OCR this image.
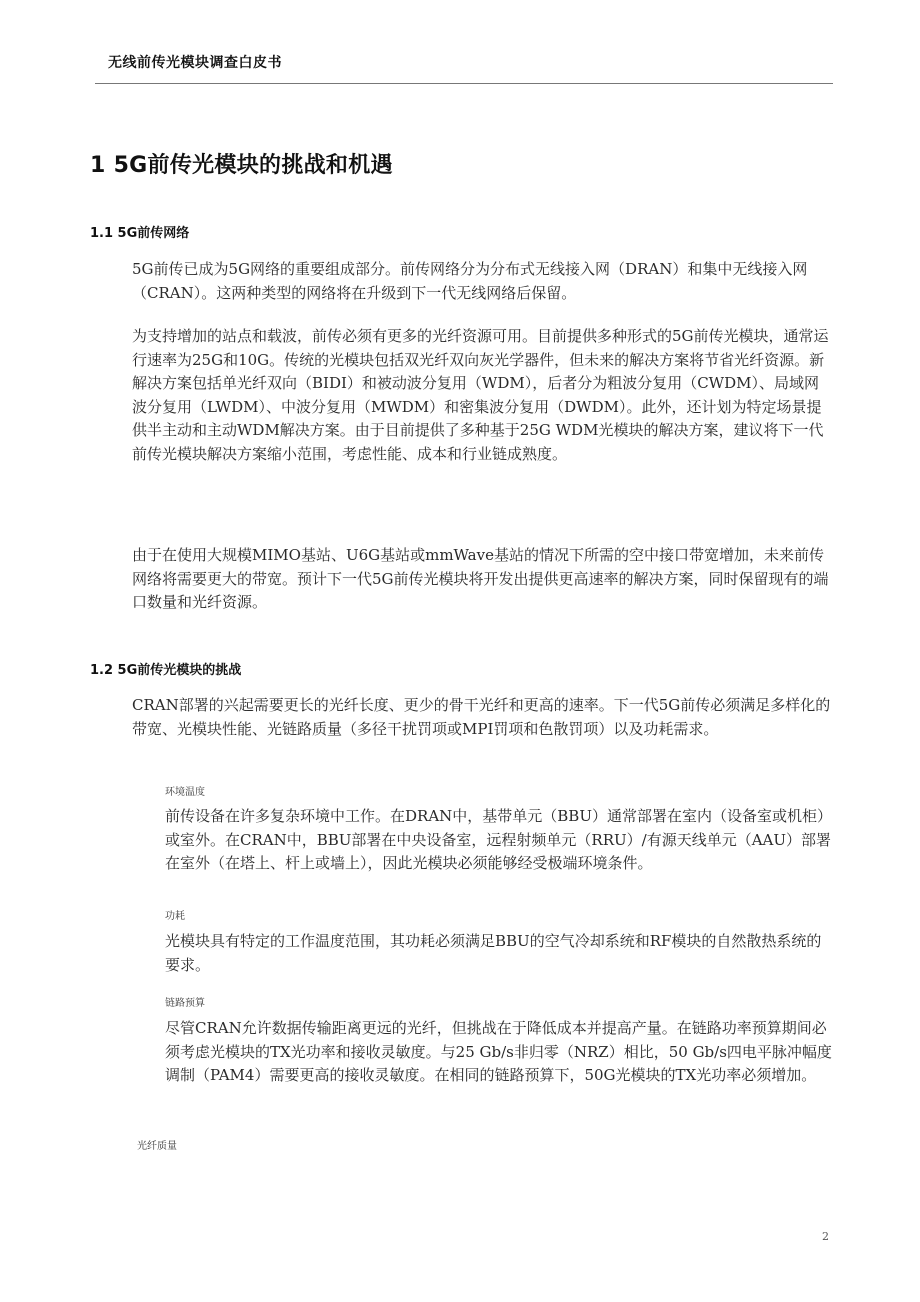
无线前传光模块调查白皮书
1 5G前传光模块的挑战和机遇
1.1 5G前传网络

5G前传已成为5G网络的重要组成部分。前传网络分为分布式无线接入网（DRAN）和集中无线接入网（CRAN）。这两种类型的网络将在升级到下一代无线网络后保留。

为支持增加的站点和载波，前传必须有更多的光纤资源可用。目前提供多种形式的5G前传光模块，通常运行速率为25G和10G。传统的光模块包括双光纤双向灰光学器件，但未来的解决方案将节省光纤资源。新解决方案包括单光纤双向（BIDI）和被动波分复用（WDM），后者分为粗波分复用（CWDM）、局域网波分复用（LWDM）、中波分复用（MWDM）和密集波分复用（DWDM）。此外，还计划为特定场景提供半主动和主动WDM解决方案。由于目前提供了多种基于25G WDM光模块的解决方案，建议将下一代前传光模块解决方案缩小范围，考虑性能、成本和行业链成熟度。

由于在使用大规模MIMO基站、U6G基站或mmWave基站的情况下所需的空中接口带宽增加，未来前传网络将需要更大的带宽。预计下一代5G前传光模块将开发出提供更高速率的解决方案，同时保留现有的端口数量和光纤资源。

1.2 5G前传光模块的挑战

CRAN部署的兴起需要更长的光纤长度、更少的骨干光纤和更高的速率。下一代5G前传必须满足多样化的带宽、光模块性能、光链路质量（多径干扰罚项或MPI罚项和色散罚项）以及功耗需求。

环境温度

前传设备在许多复杂环境中工作。在DRAN中，基带单元（BBU）通常部署在室内（设备室或机柜）或室外。在CRAN中，BBU部署在中央设备室，远程射频单元（RRU）/有源天线单元（AAU）部署在室外（在塔上、杆上或墙上），因此光模块必须能够经受极端环境条件。

功耗

光模块具有特定的工作温度范围，其功耗必须满足BBU的空气冷却系统和RF模块的自然散热系统的要求。

链路预算

尽管CRAN允许数据传输距离更远的光纤，但挑战在于降低成本并提高产量。在链路功率预算期间必须考虑光模块的TX光功率和接收灵敏度。与25 Gb/s非归零（NRZ）相比，50 Gb/s四电平脉冲幅度调制（PAM4）需要更高的接收灵敏度。在相同的链路预算下，50G光模块的TX光功率必须增加。

光纤质量
2
